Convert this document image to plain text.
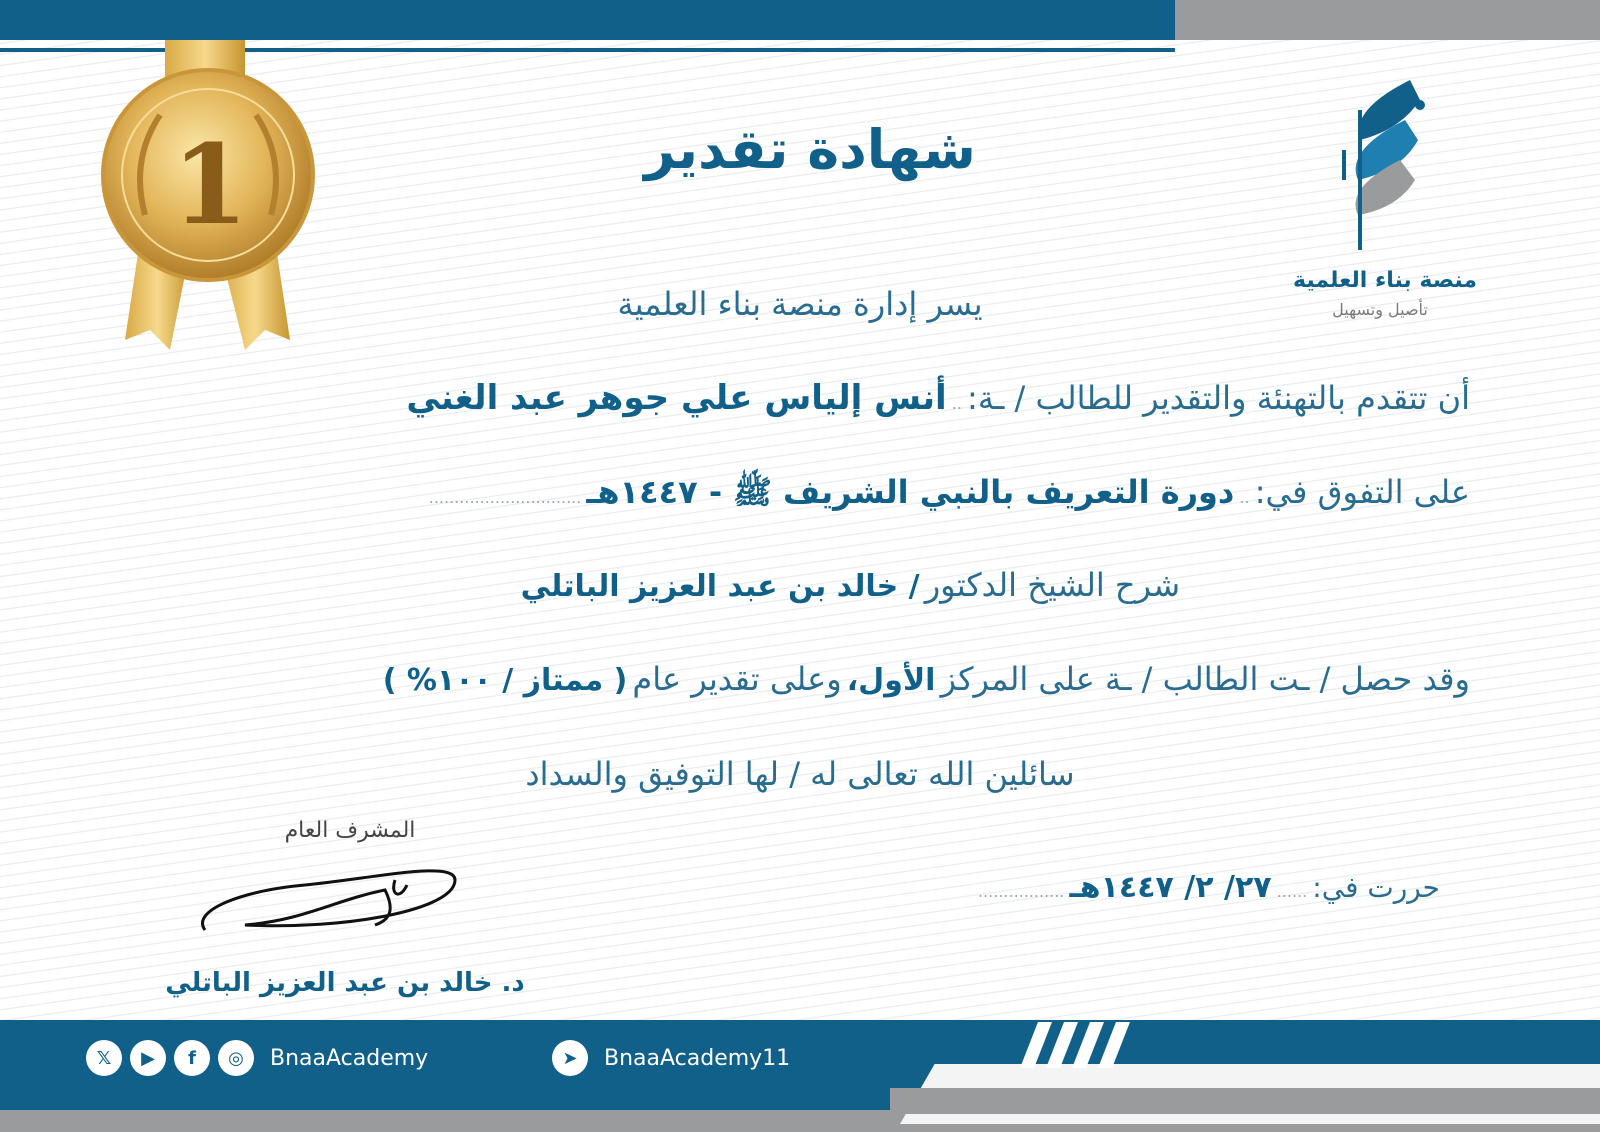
1
منصة بناء العلمية
تأصيل وتسهيل
شهادة تقدير
يسر إدارة منصة بناء العلمية
أن تتقدم بالتهنئة والتقدير للطالب / ـة: .. أنس إلياس علي جوهر عبد الغني
على التفوق في: .. دورة التعريف بالنبي الشريف ﷺ - ١٤٤٧هـ ..............................
شرح الشيخ الدكتور / خالد بن عبد العزيز الباتلي
وقد حصل / ـت الطالب / ـة على المركز الأول، وعلى تقدير عام ( ممتاز / ١٠٠% )
سائلين الله تعالى له / لها التوفيق والسداد
حررت في: ...... ٢٧/ ٢/ ١٤٤٧هـ .................
المشرف العام
د. خالد بن عبد العزيز الباتلي
𝕏	▶	f	◎	BnaaAcademy	➤	BnaaAcademy11
